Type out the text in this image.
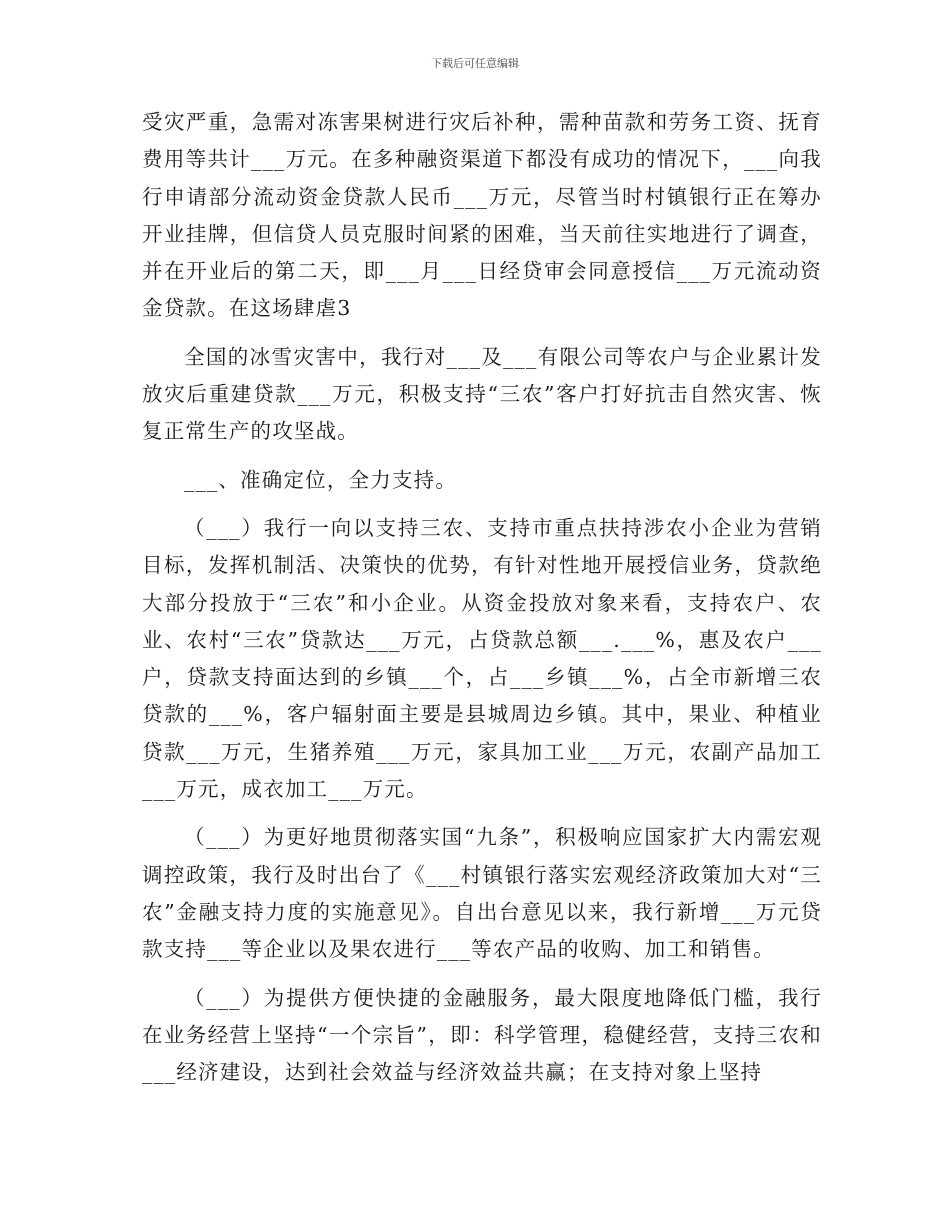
下载后可任意编辑

受灾严重，急需对冻害果树进行灾后补种，需种苗款和劳务工资、抚育费用等共计___万元。在多种融资渠道下都没有成功的情况下，___向我行申请部分流动资金贷款人民币___万元，尽管当时村镇银行正在筹办开业挂牌，但信贷人员克服时间紧的困难，当天前往实地进行了调查，并在开业后的第二天，即___月___日经贷审会同意授信___万元流动资金贷款。在这场肆虐3

全国的冰雪灾害中，我行对___及___有限公司等农户与企业累计发放灾后重建贷款___万元，积极支持“三农”客户打好抗击自然灾害、恢复正常生产的攻坚战。

___、准确定位，全力支持。

（___）我行一向以支持三农、支持市重点扶持涉农小企业为营销目标，发挥机制活、决策快的优势，有针对性地开展授信业务，贷款绝大部分投放于“三农”和小企业。从资金投放对象来看，支持农户、农业、农村“三农”贷款达___万元，占贷款总额___.___%，惠及农户___户，贷款支持面达到的乡镇___个，占___乡镇___%，占全市新增三农贷款的___%，客户辐射面主要是县城周边乡镇。其中，果业、种植业贷款___万元，生猪养殖___万元，家具加工业___万元，农副产品加工___万元，成衣加工___万元。

（___）为更好地贯彻落实国“九条”，积极响应国家扩大内需宏观调控政策，我行及时出台了《___村镇银行落实宏观经济政策加大对“三农”金融支持力度的实施意见》。自出台意见以来，我行新增___万元贷款支持___等企业以及果农进行___等农产品的收购、加工和销售。

（___）为提供方便快捷的金融服务，最大限度地降低门槛，我行在业务经营上坚持“一个宗旨”，即：科学管理，稳健经营，支持三农和___经济建设，达到社会效益与经济效益共赢；在支持对象上坚持
